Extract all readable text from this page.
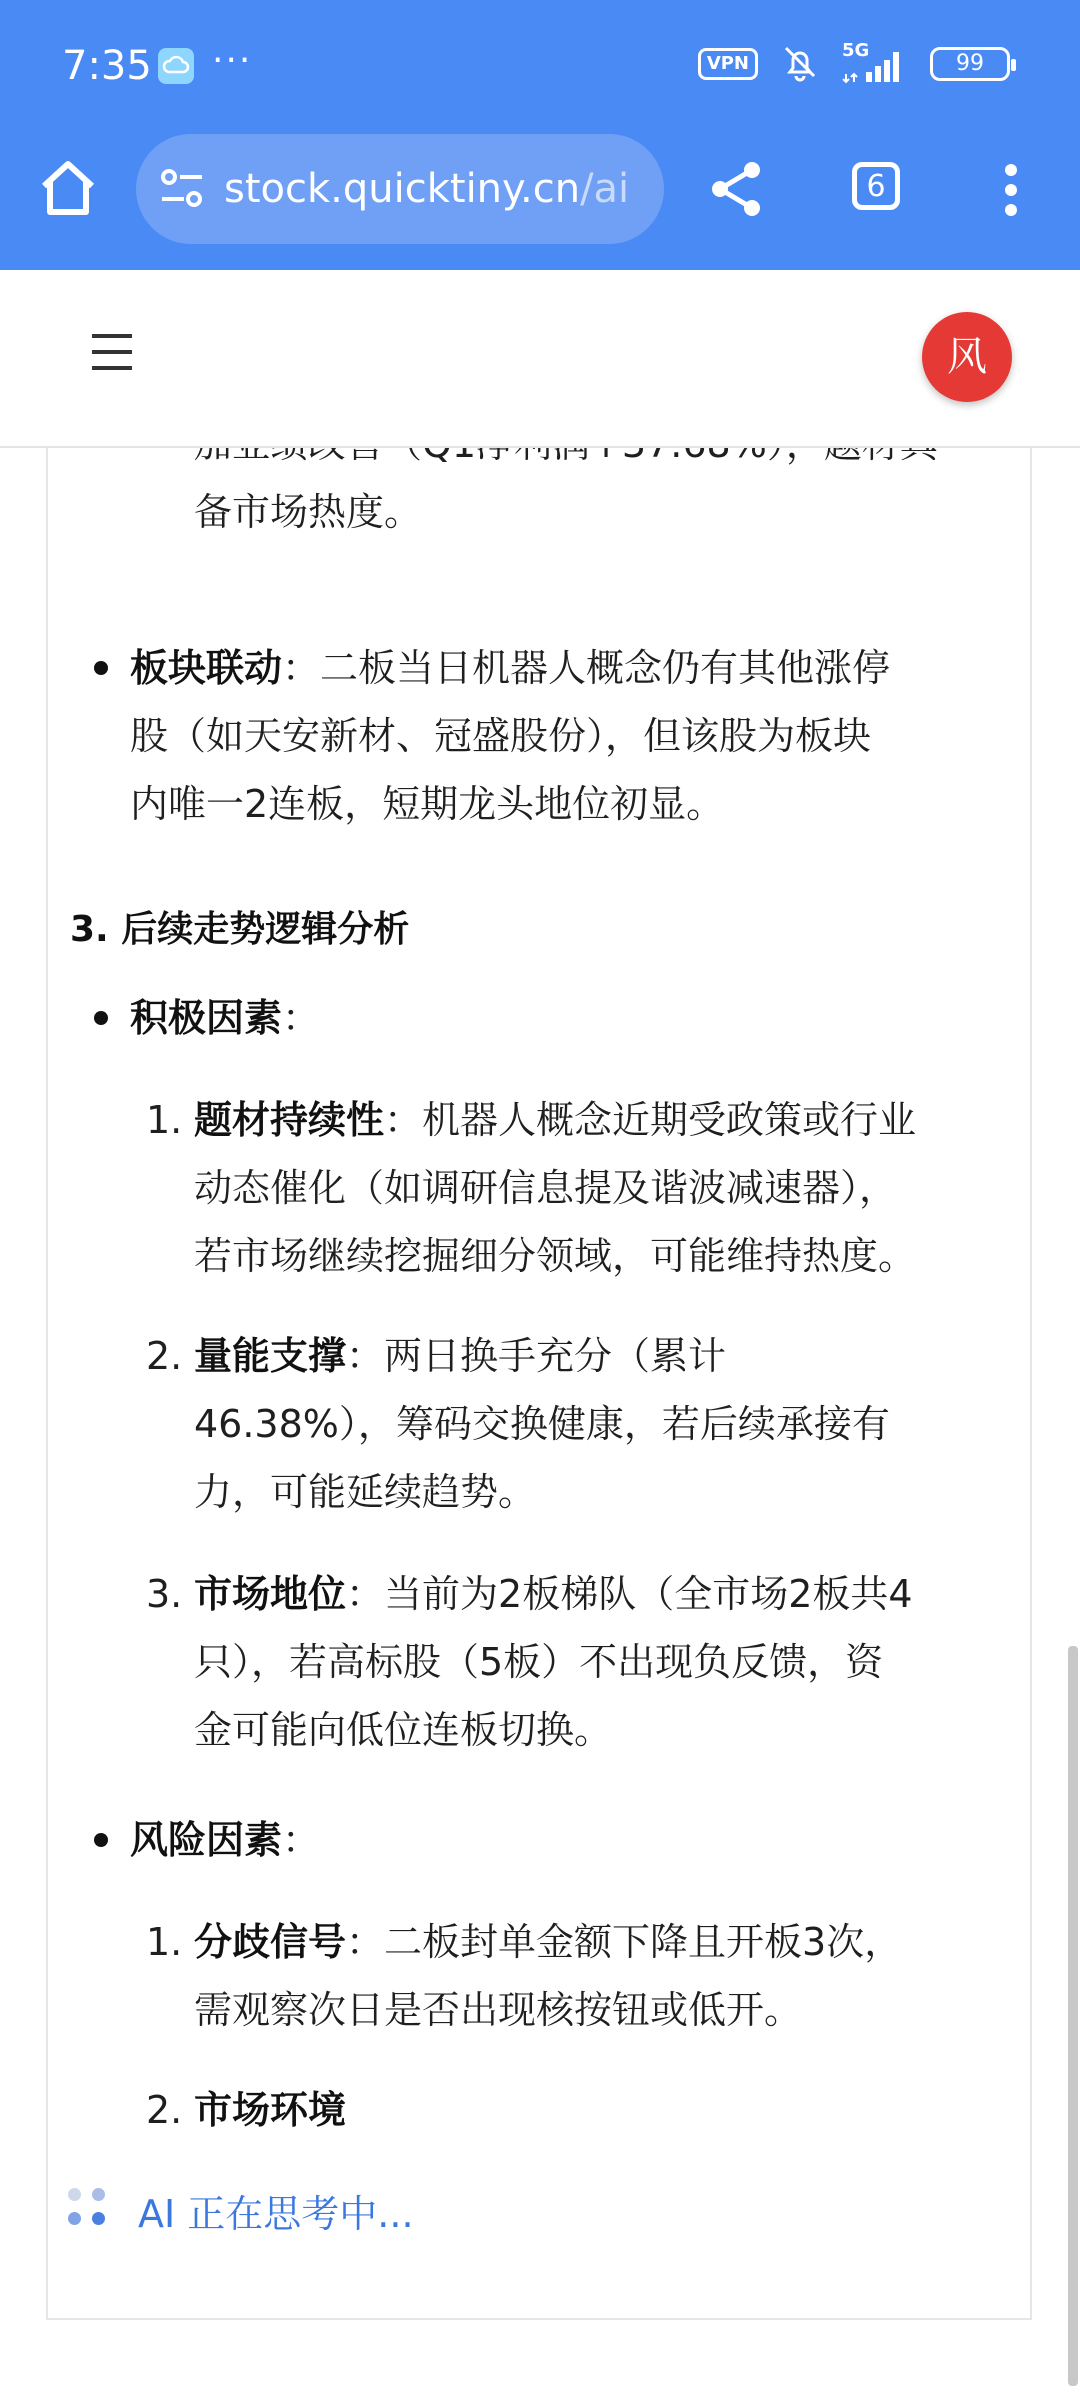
7:35 ···	VPN
5G
99
stock.quicktiny.cn/ai	6
风
备市场热度。
板块联动：二板当日机器人概念仍有其他涨停
股（如天安新材、冠盛股份），但该股为板块
内唯一2连板，短期龙头地位初显。
3. 后续走势逻辑分析
积极因素：
1. 题材持续性：机器人概念近期受政策或行业
动态催化（如调研信息提及谐波减速器），
若市场继续挖掘细分领域，可能维持热度。
2. 量能支撑：两日换手充分（累计
46.38%），筹码交换健康，若后续承接有
力，可能延续趋势。
3. 市场地位：当前为2板梯队（全市场2板共4
只），若高标股（5板）不出现负反馈，资
金可能向低位连板切换。
风险因素：
1. 分歧信号：二板封单金额下降且开板3次，
需观察次日是否出现核按钮或低开。
2. 市场环境
AI 正在思考中...
